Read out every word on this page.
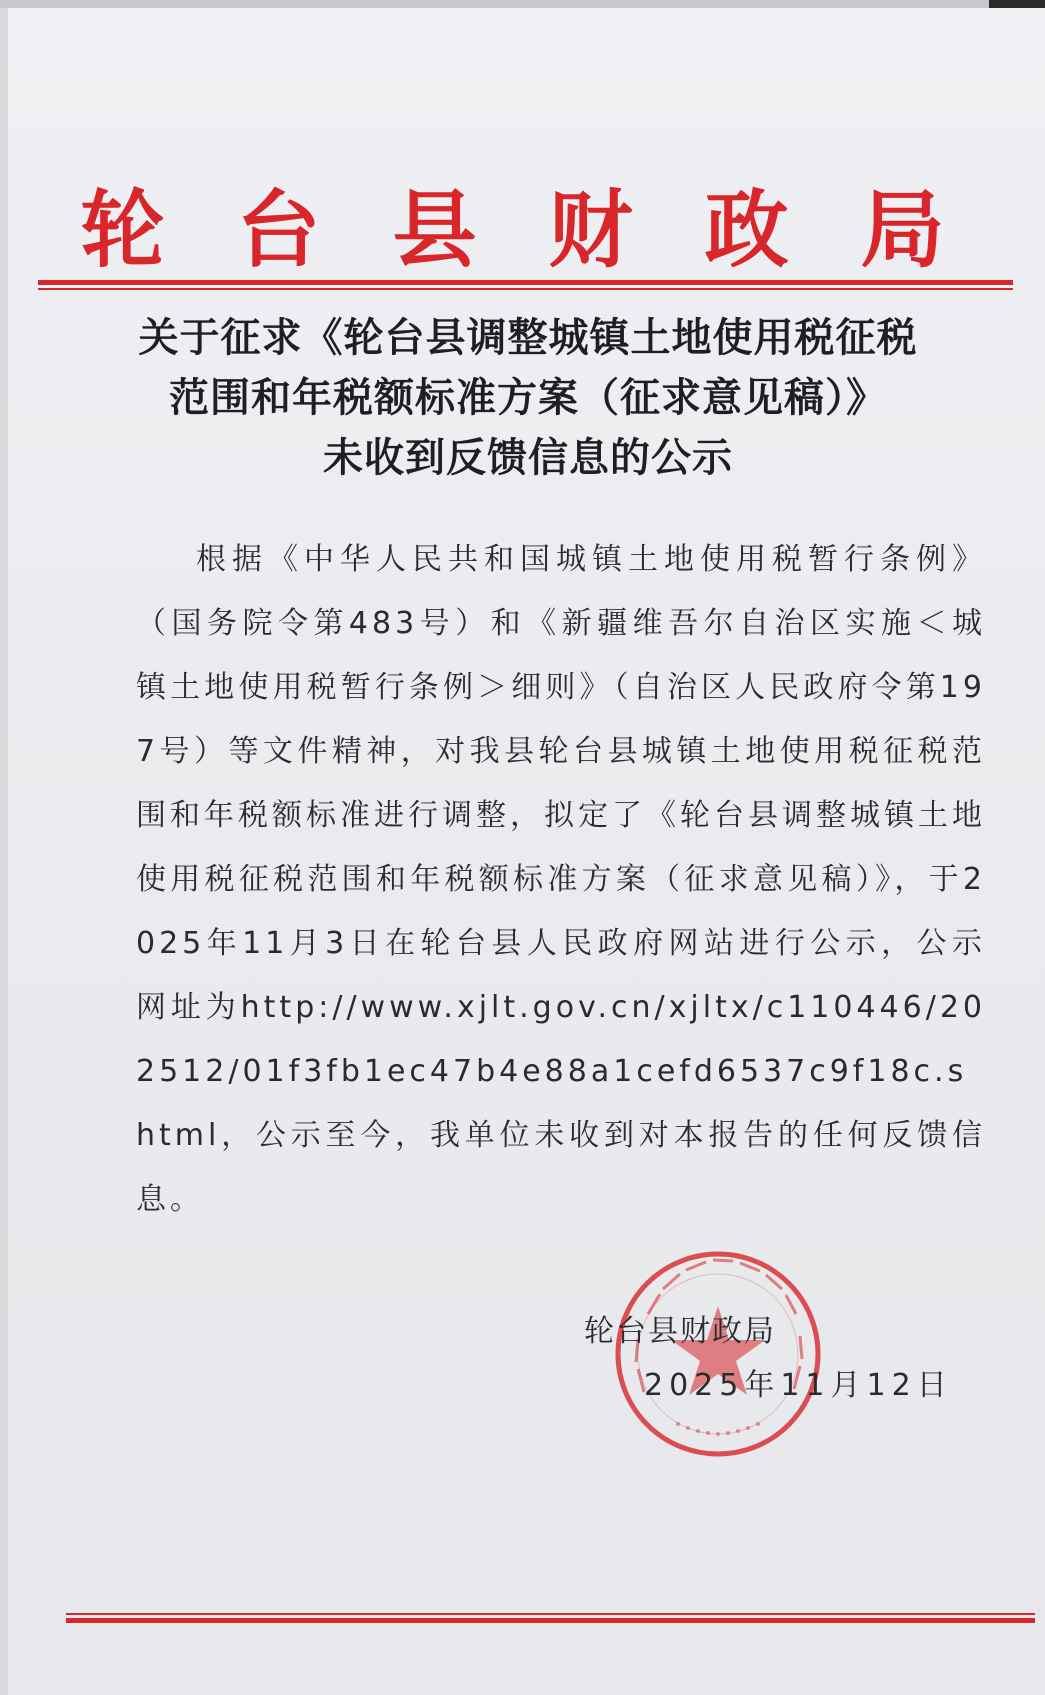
轮台县财政局
关于征求《轮台县调整城镇土地使用税征税
范围和年税额标准方案（征求意见稿）》
未收到反馈信息的公示
根据《中华人民共和国城镇土地使用税暂行条例》（国务院令第483号）和《新疆维吾尔自治区实施＜城镇土地使用税暂行条例＞细则》（自治区人民政府令第197号）等文件精神，对我县轮台县城镇土地使用税征税范围和年税额标准进行调整，拟定了《轮台县调整城镇土地使用税征税范围和年税额标准方案（征求意见稿）》，于2025年11月3日在轮台县人民政府网站进行公示，公示网址为http://www.xjlt.gov.cn/xjltx/c110446/202512/01f3fb1ec47b4e88a1cefd6537c9f18c.shtml，公示至今，我单位未收到对本报告的任何反馈信息。
轮台县财政局
2025年11月12日
